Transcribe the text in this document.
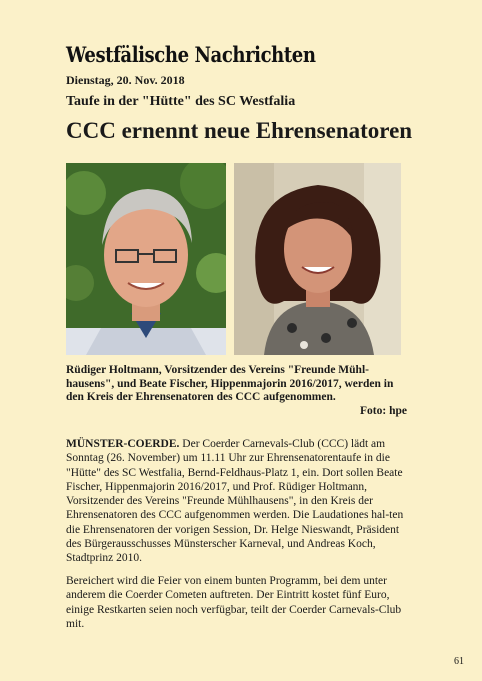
Westfälische Nachrichten
Dienstag, 20. Nov. 2018
Taufe in der "Hütte" des SC Westfalia
CCC ernennt neue Ehrensenatoren
Rüdiger Holtmann, Vorsitzender des Vereins "Freunde Mühl-hausens", und Beate Fischer, Hippenmajorin 2016/2017, werden in den Kreis der Ehrensenatoren des CCC aufgenommen.
Foto: hpe
MÜNSTER-COERDE. Der Coerder Carnevals-Club (CCC) lädt am Sonntag (26. November) um 11.11 Uhr zur Ehrensenatorentaufe in die "Hütte" des SC Westfalia, Bernd-Feldhaus-Platz 1, ein. Dort sollen Beate Fischer, Hippenmajorin 2016/2017, und Prof. Rüdiger Holtmann, Vorsitzender des Vereins "Freunde Mühlhausens", in den Kreis der Ehrensenatoren des CCC aufgenommen werden. Die Laudationes hal-ten die Ehrensenatoren der vorigen Session, Dr. Helge Nieswandt, Präsident des Bürgerausschusses Münsterscher Karneval, und Andreas Koch, Stadtprinz 2010.
Bereichert wird die Feier von einem bunten Programm, bei dem unter anderem die Coerder Cometen auftreten. Der Eintritt kostet fünf Euro, einige Restkarten seien noch verfügbar, teilt der Coerder Carnevals-Club mit.
61
